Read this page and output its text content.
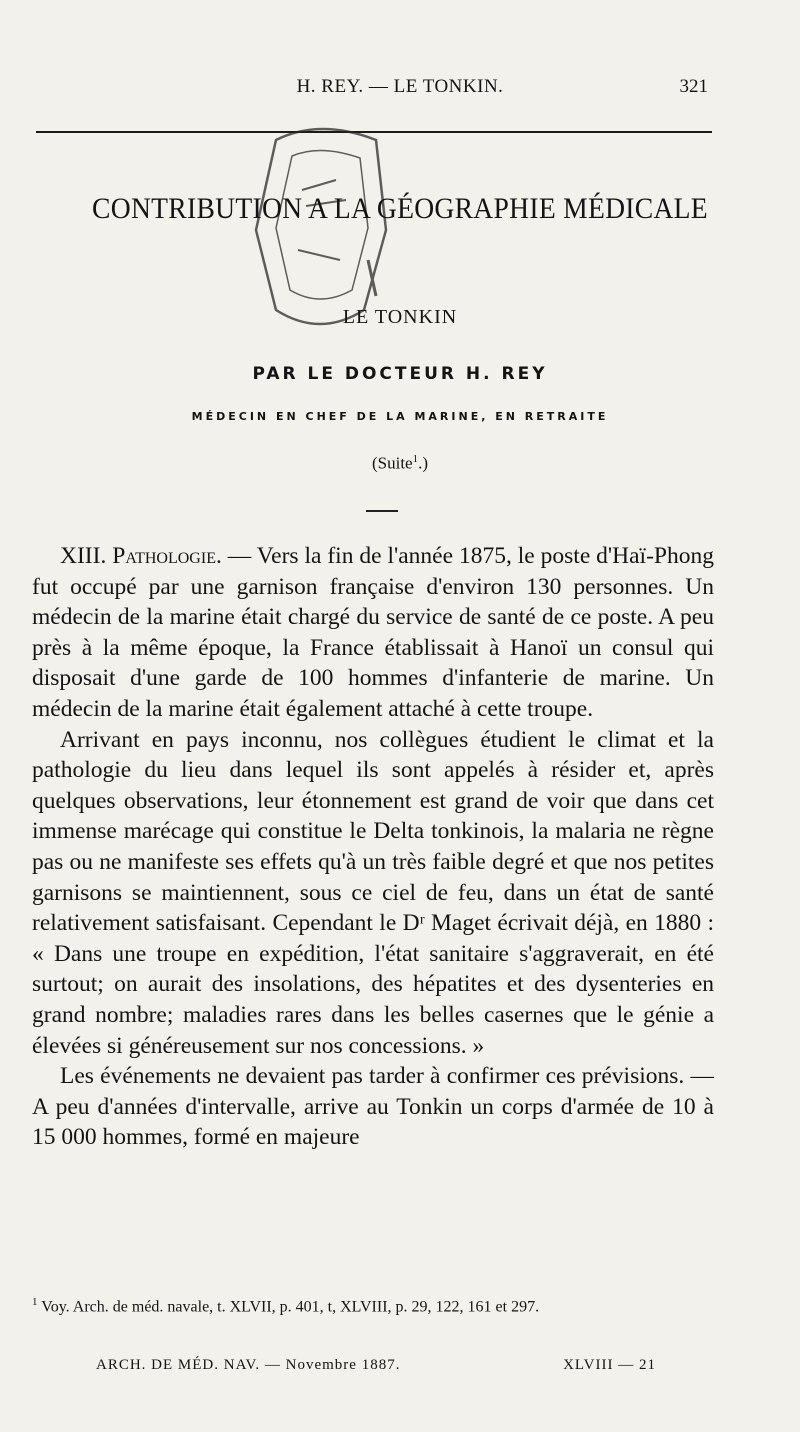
H. REY. — LE TONKIN.	321
CONTRIBUTION A LA GÉOGRAPHIE MÉDICALE
LE TONKIN
PAR LE DOCTEUR H. REY
MÉDECIN EN CHEF DE LA MARINE, EN RETRAITE
(Suite$^1$.)

XIII. Pathologie. — Vers la fin de l'année 1875, le poste d'Haï-Phong fut occupé par une garnison française d'environ 130 personnes. Un médecin de la marine était chargé du service de santé de ce poste. A peu près à la même époque, la France établissait à Hanoï un consul qui disposait d'une garde de 100 hommes d'infanterie de marine. Un médecin de la marine était également attaché à cette troupe.

Arrivant en pays inconnu, nos collègues étudient le climat et la pathologie du lieu dans lequel ils sont appelés à résider et, après quelques observations, leur étonnement est grand de voir que dans cet immense marécage qui constitue le Delta tonkinois, la malaria ne règne pas ou ne manifeste ses effets qu'à un très faible degré et que nos petites garnisons se maintiennent, sous ce ciel de feu, dans un état de santé relativement satisfaisant. Cependant le Dʳ Maget écrivait déjà, en 1880 : « Dans une troupe en expédition, l'état sanitaire s'aggraverait, en été surtout; on aurait des insolations, des hépatites et des dysenteries en grand nombre; maladies rares dans les belles casernes que le génie a élevées si généreusement sur nos concessions. »

Les événements ne devaient pas tarder à confirmer ces prévisions. — A peu d'années d'intervalle, arrive au Tonkin un corps d'armée de 10 à 15 000 hommes, formé en majeure

$^1$ Voy. Arch. de méd. navale, t. XLVII, p. 401, t, XLVIII, p. 29, 122, 161 et 297.
ARCH. DE MÉD. NAV. — Novembre 1887.	XLVIII — 21
